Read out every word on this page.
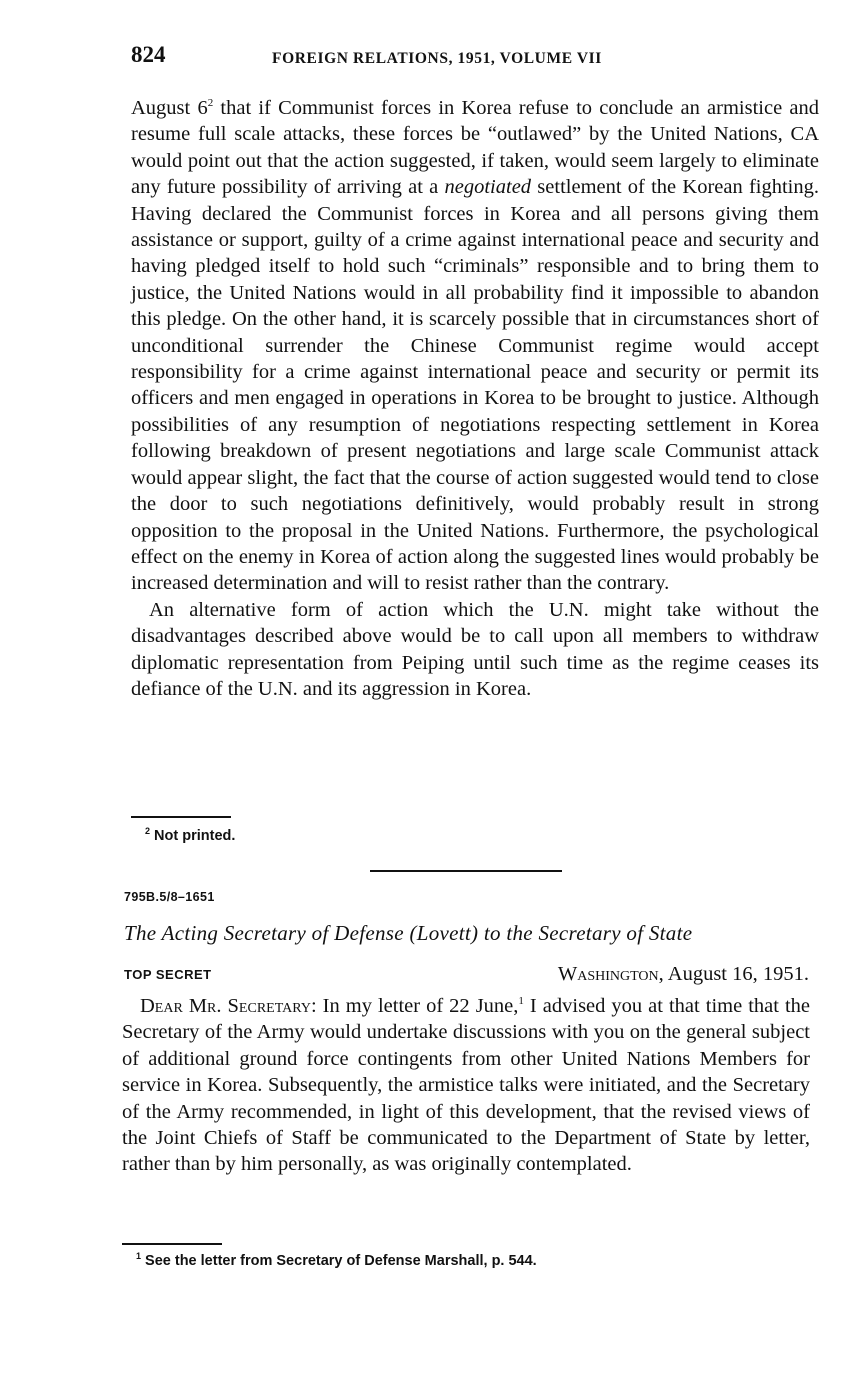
824	FOREIGN RELATIONS, 1951, VOLUME VII

August 6$^2$ that if Communist forces in Korea refuse to conclude an armistice and resume full scale attacks, these forces be “outlawed” by the United Nations, CA would point out that the action suggested, if taken, would seem largely to eliminate any future possibility of arriving at a negotiated settlement of the Korean fighting. Having declared the Communist forces in Korea and all persons giving them assistance or support, guilty of a crime against international peace and security and having pledged itself to hold such “criminals” responsible and to bring them to justice, the United Nations would in all probability find it impossible to abandon this pledge. On the other hand, it is scarcely possible that in circumstances short of unconditional surrender the Chinese Communist regime would accept responsibility for a crime against international peace and security or permit its officers and men engaged in operations in Korea to be brought to justice. Although possibilities of any resumption of negotiations respecting settlement in Korea following breakdown of present negotiations and large scale Communist attack would appear slight, the fact that the course of action suggested would tend to close the door to such negotiations definitively, would probably result in strong opposition to the proposal in the United Nations. Furthermore, the psychological effect on the enemy in Korea of action along the suggested lines would probably be increased determination and will to resist rather than the contrary.

An alternative form of action which the U.N. might take without the disadvantages described above would be to call upon all members to withdraw diplomatic representation from Peiping until such time as the regime ceases its defiance of the U.N. and its aggression in Korea.

$^2$ Not printed.
795B.5/8–1651
The Acting Secretary of Defense (Lovett) to the Secretary of State
TOP SECRET	Washington, August 16, 1951.

Dear Mr. Secretary: In my letter of 22 June,$^1$ I advised you at that time that the Secretary of the Army would undertake discussions with you on the general subject of additional ground force contingents from other United Nations Members for service in Korea. Subsequently, the armistice talks were initiated, and the Secretary of the Army recommended, in light of this development, that the revised views of the Joint Chiefs of Staff be communicated to the Department of State by letter, rather than by him personally, as was originally contemplated.

$^1$ See the letter from Secretary of Defense Marshall, p. 544.
